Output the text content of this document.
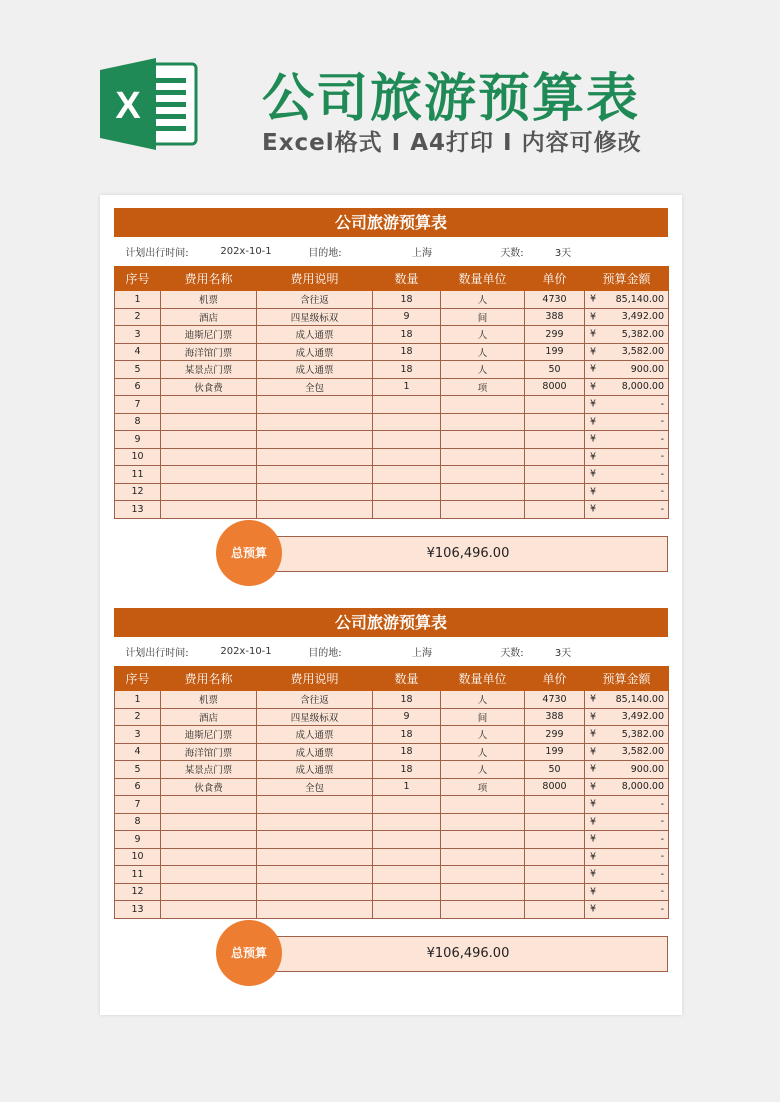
X 公司旅游预算表
Excel格式 I A4打印 I 内容可修改
公司旅游预算表
计划出行时间:	202x-10-1	目的地:	上海	天数:	3天
序号	费用名称	费用说明	数量	数量单位	单价	预算金额
1	机票	含往返	18	人	4730	¥ 85,140.00
2	酒店	四星级标双	9	间	388	¥ 3,492.00
3	迪斯尼门票	成人通票	18	人	299	¥ 5,382.00
4	海洋馆门票	成人通票	18	人	199	¥ 3,582.00
5	某景点门票	成人通票	18	人	50	¥ 900.00
6	伙食费	全包	1	项	8000	¥ 8,000.00
7						¥ -
8						¥ -
9						¥ -
10						¥ -
11						¥ -
12						¥ -
13						¥ -
¥106,496.00
总预算
公司旅游预算表
计划出行时间:	202x-10-1	目的地:	上海	天数:	3天
序号	费用名称	费用说明	数量	数量单位	单价	预算金额
1	机票	含往返	18	人	4730	¥ 85,140.00
2	酒店	四星级标双	9	间	388	¥ 3,492.00
3	迪斯尼门票	成人通票	18	人	299	¥ 5,382.00
4	海洋馆门票	成人通票	18	人	199	¥ 3,582.00
5	某景点门票	成人通票	18	人	50	¥ 900.00
6	伙食费	全包	1	项	8000	¥ 8,000.00
7						¥ -
8						¥ -
9						¥ -
10						¥ -
11						¥ -
12						¥ -
13						¥ -
¥106,496.00
总预算
